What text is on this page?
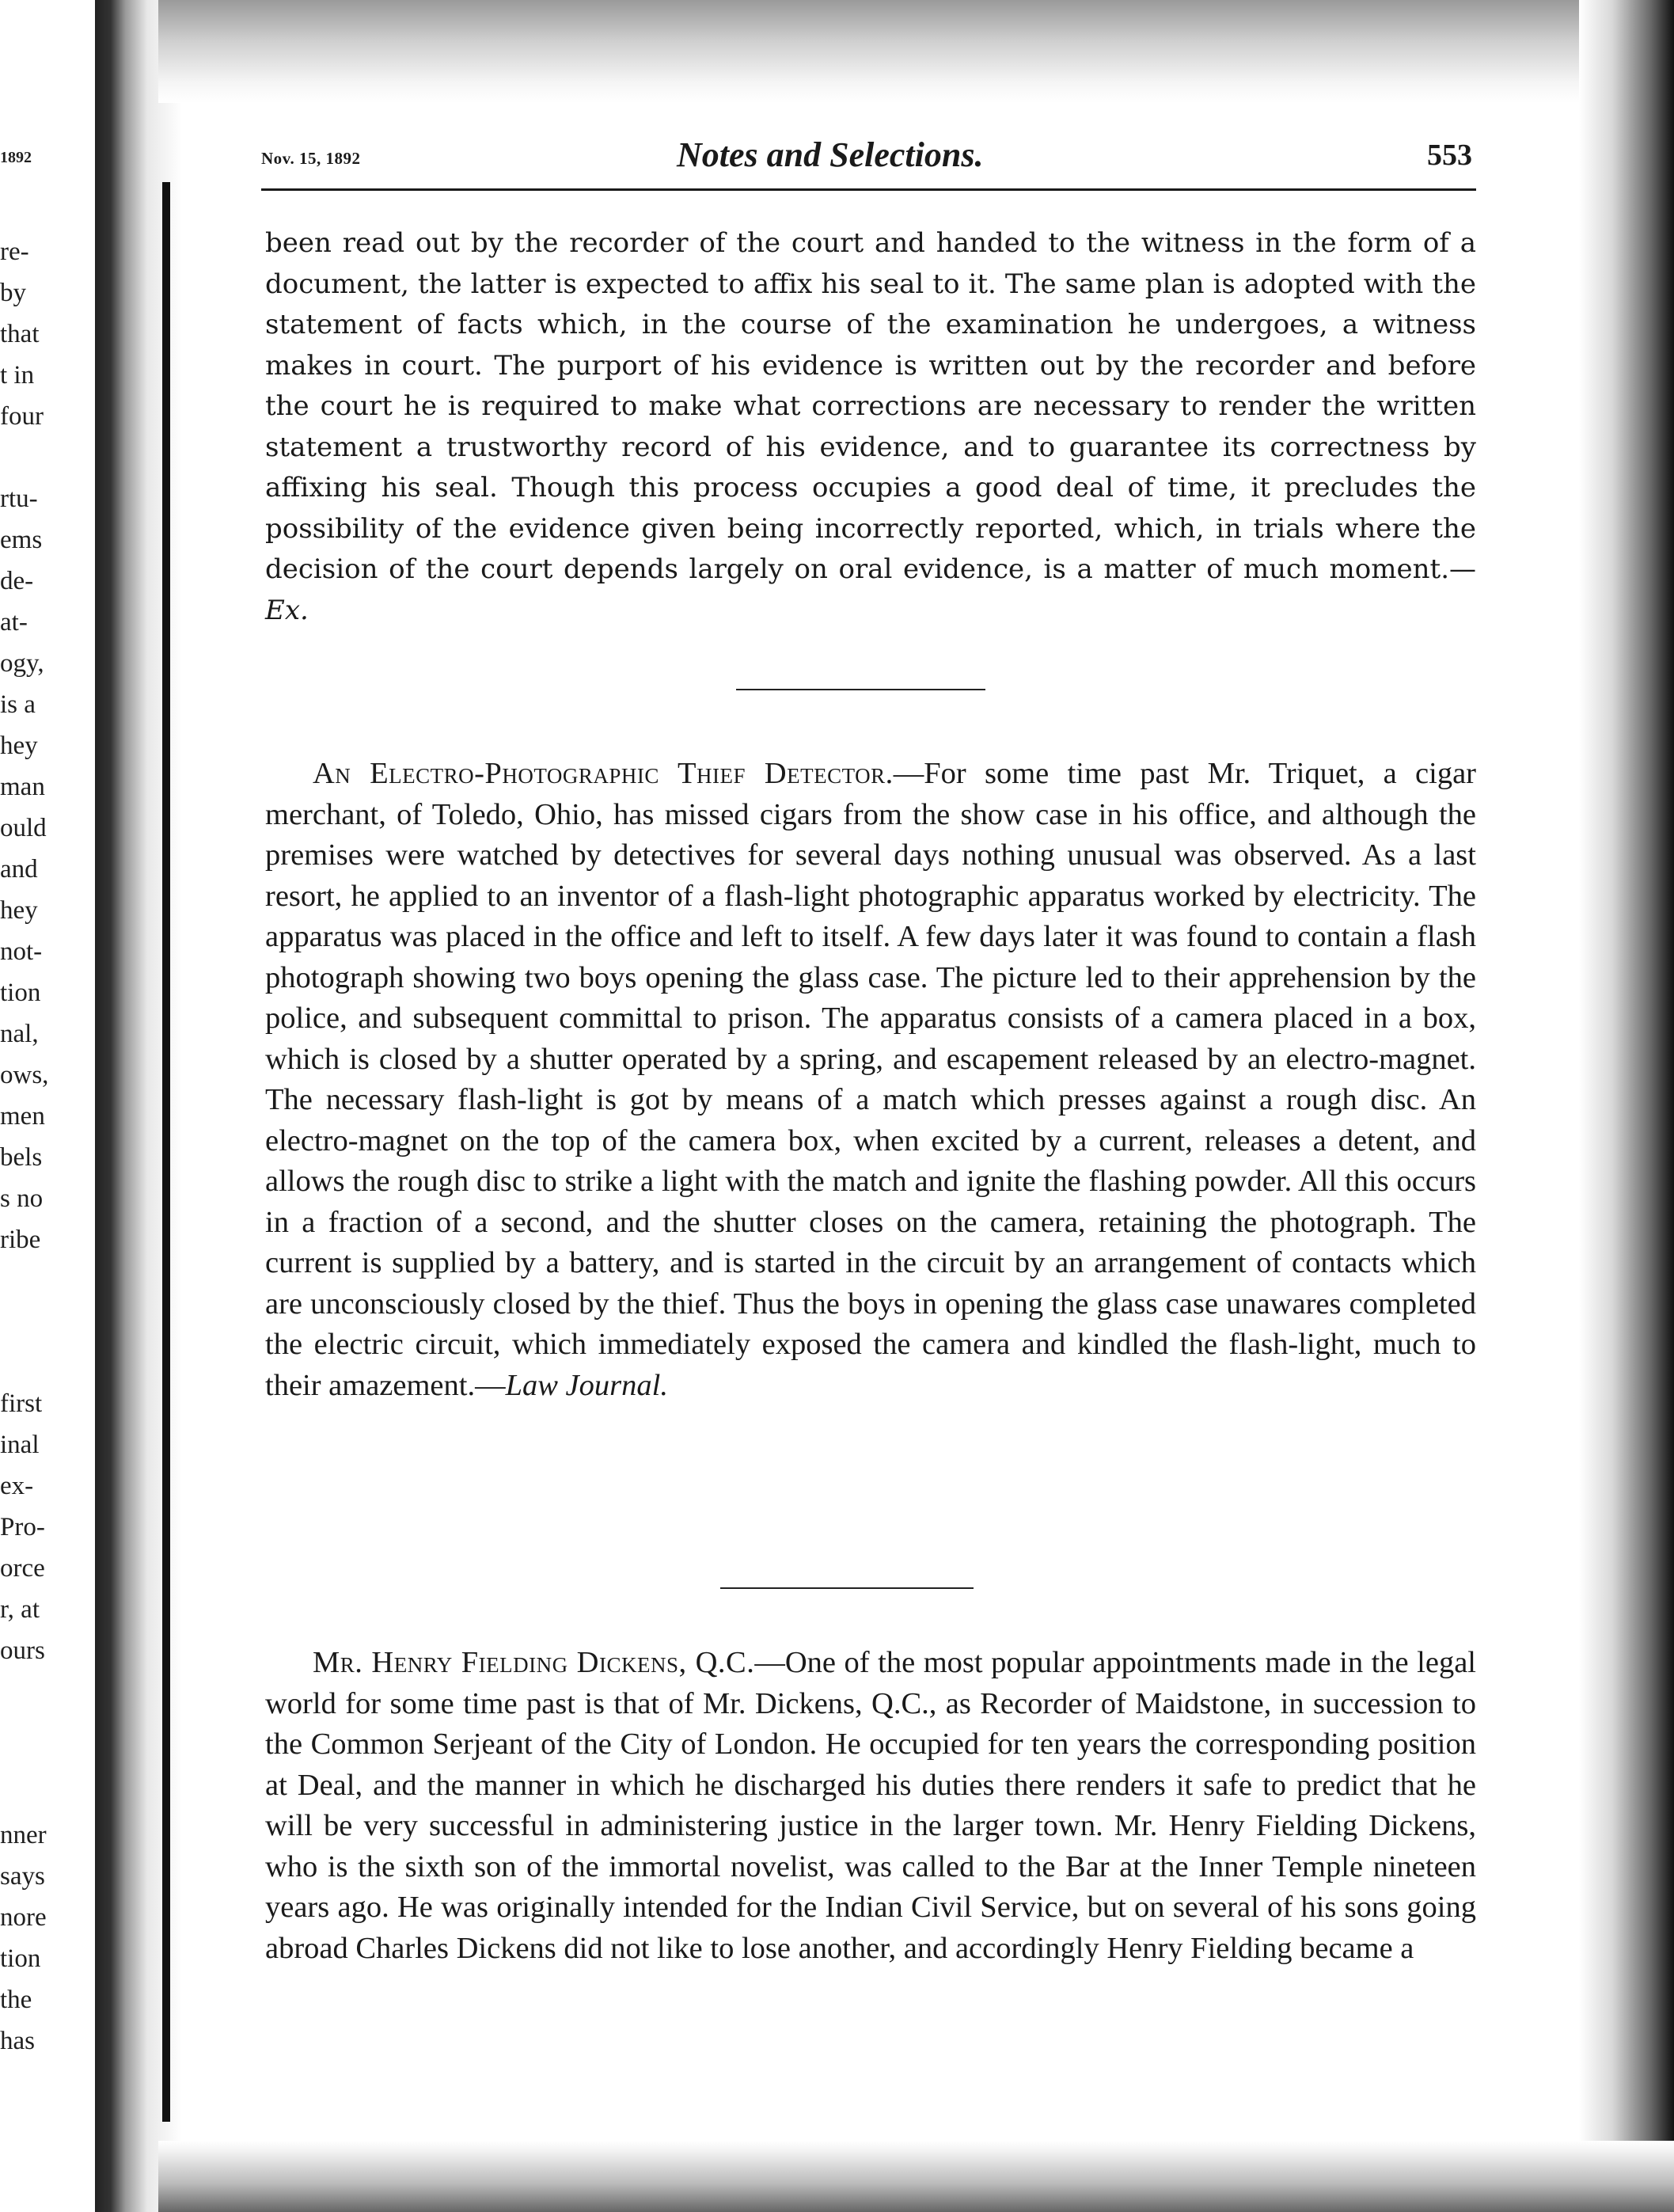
1892
re-
by
that
t in
four
rtu-
ems
de-
at-
ogy,
is a
hey
man
ould
and
hey
not-
tion
nal,
ows,
men
bels
s no
ribe
first
inal
ex-
Pro-
orce
r, at
ours
nner
says
nore
tion
the
has
Nov. 15, 1892	Notes and Selections.	553
been read out by the recorder of the court and handed to the witness in the form of a document, the latter is expected to affix his seal to it. The same plan is adopted with the statement of facts which, in the course of the examination he undergoes, a witness makes in court. The purport of his evidence is written out by the recorder and before the court he is required to make what corrections are necessary to render the written statement a trustworthy record of his evidence, and to guarantee its correctness by affixing his seal. Though this process occupies a good deal of time, it precludes the possibility of the evidence given being incorrectly reported, which, in trials where the decision of the court depends largely on oral evidence, is a matter of much moment.—Ex.
An Electro-Photographic Thief Detector.—For some time past Mr. Triquet, a cigar merchant, of Toledo, Ohio, has missed cigars from the show case in his office, and although the premises were watched by detectives for several days nothing unusual was observed. As a last resort, he applied to an inventor of a flash-light photographic apparatus worked by electricity. The apparatus was placed in the office and left to itself. A few days later it was found to contain a flash photograph showing two boys opening the glass case. The picture led to their apprehension by the police, and subsequent committal to prison. The apparatus consists of a camera placed in a box, which is closed by a shutter operated by a spring, and escapement released by an electro-magnet. The necessary flash-light is got by means of a match which presses against a rough disc. An electro-magnet on the top of the camera box, when excited by a current, releases a detent, and allows the rough disc to strike a light with the match and ignite the flashing powder. All this occurs in a fraction of a second, and the shutter closes on the camera, retaining the photograph. The current is supplied by a battery, and is started in the circuit by an arrangement of contacts which are unconsciously closed by the thief. Thus the boys in opening the glass case unawares completed the electric circuit, which immediately exposed the camera and kindled the flash-light, much to their amazement.—Law Journal.
Mr. Henry Fielding Dickens, Q.C.—One of the most popular appointments made in the legal world for some time past is that of Mr. Dickens, Q.C., as Recorder of Maidstone, in succession to the Common Serjeant of the City of London. He occupied for ten years the corresponding position at Deal, and the manner in which he discharged his duties there renders it safe to predict that he will be very successful in administering justice in the larger town. Mr. Henry Fielding Dickens, who is the sixth son of the immortal novelist, was called to the Bar at the Inner Temple nineteen years ago. He was originally intended for the Indian Civil Service, but on several of his sons going abroad Charles Dickens did not like to lose another, and accordingly Henry Fielding became a
